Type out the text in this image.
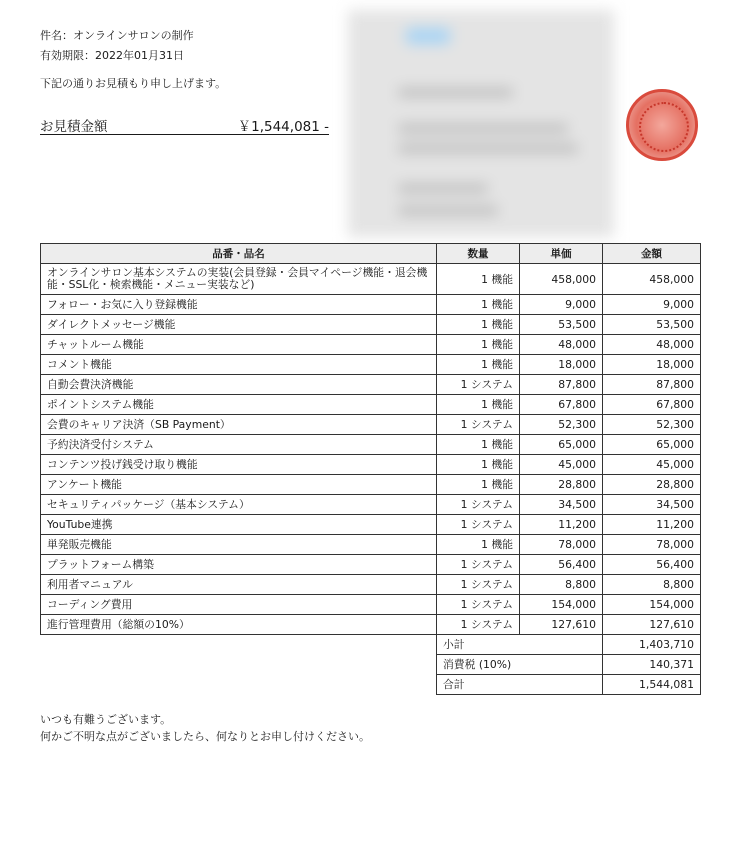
件名：オンラインサロンの制作
有効期限：2022年01月31日
下記の通りお見積もり申し上げます。
お見積金額	￥1,544,081 -
品番・品名	数量	単価	金額
オンラインサロン基本システムの実装(会員登録・会員マイページ機能・退会機能・SSL化・検索機能・メニュー実装など)	1 機能	458,000	458,000
フォロー・お気に入り登録機能	1 機能	9,000	9,000
ダイレクトメッセージ機能	1 機能	53,500	53,500
チャットルーム機能	1 機能	48,000	48,000
コメント機能	1 機能	18,000	18,000
自動会費決済機能	1 システム	87,800	87,800
ポイントシステム機能	1 機能	67,800	67,800
会費のキャリア決済（SB Payment）	1 システム	52,300	52,300
予約決済受付システム	1 機能	65,000	65,000
コンテンツ投げ銭受け取り機能	1 機能	45,000	45,000
アンケート機能	1 機能	28,800	28,800
セキュリティパッケージ（基本システム）	1 システム	34,500	34,500
YouTube連携	1 システム	11,200	11,200
単発販売機能	1 機能	78,000	78,000
プラットフォーム構築	1 システム	56,400	56,400
利用者マニュアル	1 システム	8,800	8,800
コーディング費用	1 システム	154,000	154,000
進行管理費用（総額の10%）	1 システム	127,610	127,610
	小計		1,403,710
	消費税 (10%)		140,371
	合計		1,544,081
いつも有難うございます。
何かご不明な点がございましたら、何なりとお申し付けください。
